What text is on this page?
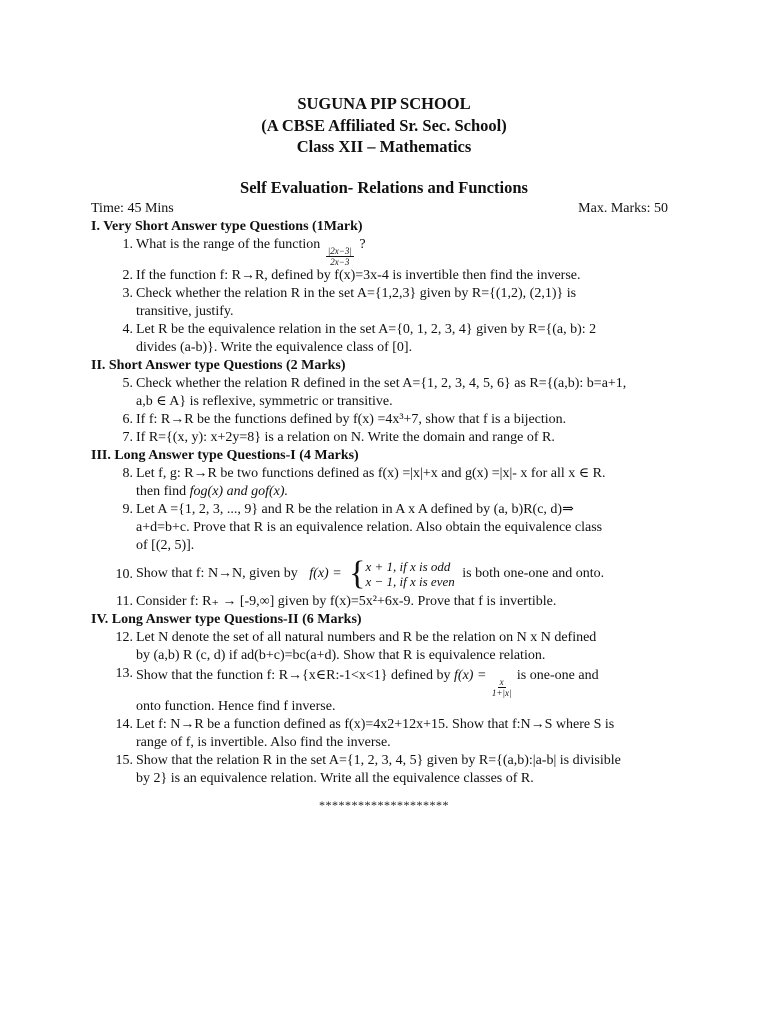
SUGUNA PIP SCHOOL
(A CBSE Affiliated Sr. Sec. School)
Class XII – Mathematics
Self Evaluation- Relations and Functions
Time: 45 Mins	Max. Marks: 50
I. Very Short Answer type Questions (1Mark)
1. What is the range of the function
$\frac{|2x-3|}{2x-3}$
?
2. If the function f: R→R, defined by f(x)=3x-4 is invertible then find the inverse.
3. Check whether the relation R in the set A={1,2,3} given by R={(1,2), (2,1)} is
transitive, justify.
4. Let R be the equivalence relation in the set A={0, 1, 2, 3, 4} given by R={(a, b): 2
divides (a-b)}. Write the equivalence class of [0].
II. Short Answer type Questions (2 Marks)
5. Check whether the relation R defined in the set A={1, 2, 3, 4, 5, 6} as R={(a,b): b=a+1,
a,b ∈ A} is reflexive, symmetric or transitive.
6. If f: R→R be the functions defined by f(x) =4x³+7, show that f is a bijection.
7. If R={(x, y): x+2y=8} is a relation on N. Write the domain and range of R.
III. Long Answer type Questions-I (4 Marks)
8. Let f, g: R→R be two functions defined as f(x) =|x|+x and g(x) =|x|- x for all x ∈ R.
then find fog(x) and gof(x).
9. Let A ={1, 2, 3, ..., 9} and R be the relation in A x A defined by (a, b)R(c, d)⇒
a+d=b+c. Prove that R is an equivalence relation. Also obtain the equivalence class
of [(2, 5)].
10. Show that f: N→N, given by f(x) = { x + 1, if x is odd
x − 1, if x is even
is both one-one and onto.
11. Consider f: R₊ → [-9,∞] given by f(x)=5x²+6x-9. Prove that f is invertible.
IV. Long Answer type Questions-II (6 Marks)
12. Let N denote the set of all natural numbers and R be the relation on N x N defined
by (a,b) R (c, d) if ad(b+c)=bc(a+d). Show that R is equivalence relation.
13. Show that the function f: R→{x∈R:-1<x<1} defined by f(x) =
$\frac{x}{1+|x|}$
is one-one and
onto function. Hence find f inverse.
14. Let f: N→R be a function defined as f(x)=4x2+12x+15. Show that f:N→S where S is
range of f, is invertible. Also find the inverse.
15. Show that the relation R in the set A={1, 2, 3, 4, 5} given by R={(a,b):|a-b| is divisible
by 2} is an equivalence relation. Write all the equivalence classes of R.
********************
